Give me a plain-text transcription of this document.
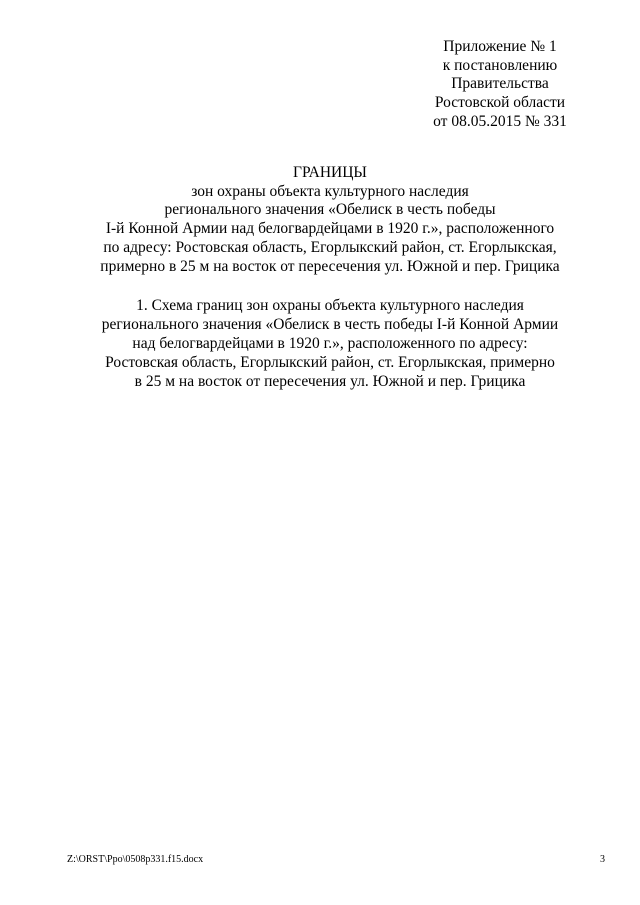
Приложение № 1
к постановлению
Правительства
Ростовской области
от 08.05.2015 № 331
ГРАНИЦЫ
зон охраны объекта культурного наследия
регионального значения «Обелиск в честь победы
I-й Конной Армии над белогвардейцами в 1920 г.», расположенного
по адресу: Ростовская область, Егорлыкский район, ст. Егорлыкская,
примерно в 25 м на восток от пересечения ул. Южной и пер. Грицика
1. Схема границ зон охраны объекта культурного наследия
регионального значения «Обелиск в честь победы I-й Конной Армии
над белогвардейцами в 1920 г.», расположенного по адресу:
Ростовская область, Егорлыкский район, ст. Егорлыкская, примерно
в 25 м на восток от пересечения ул. Южной и пер. Грицика
Z:\ORST\Ppo\0508p331.f15.docx	3
